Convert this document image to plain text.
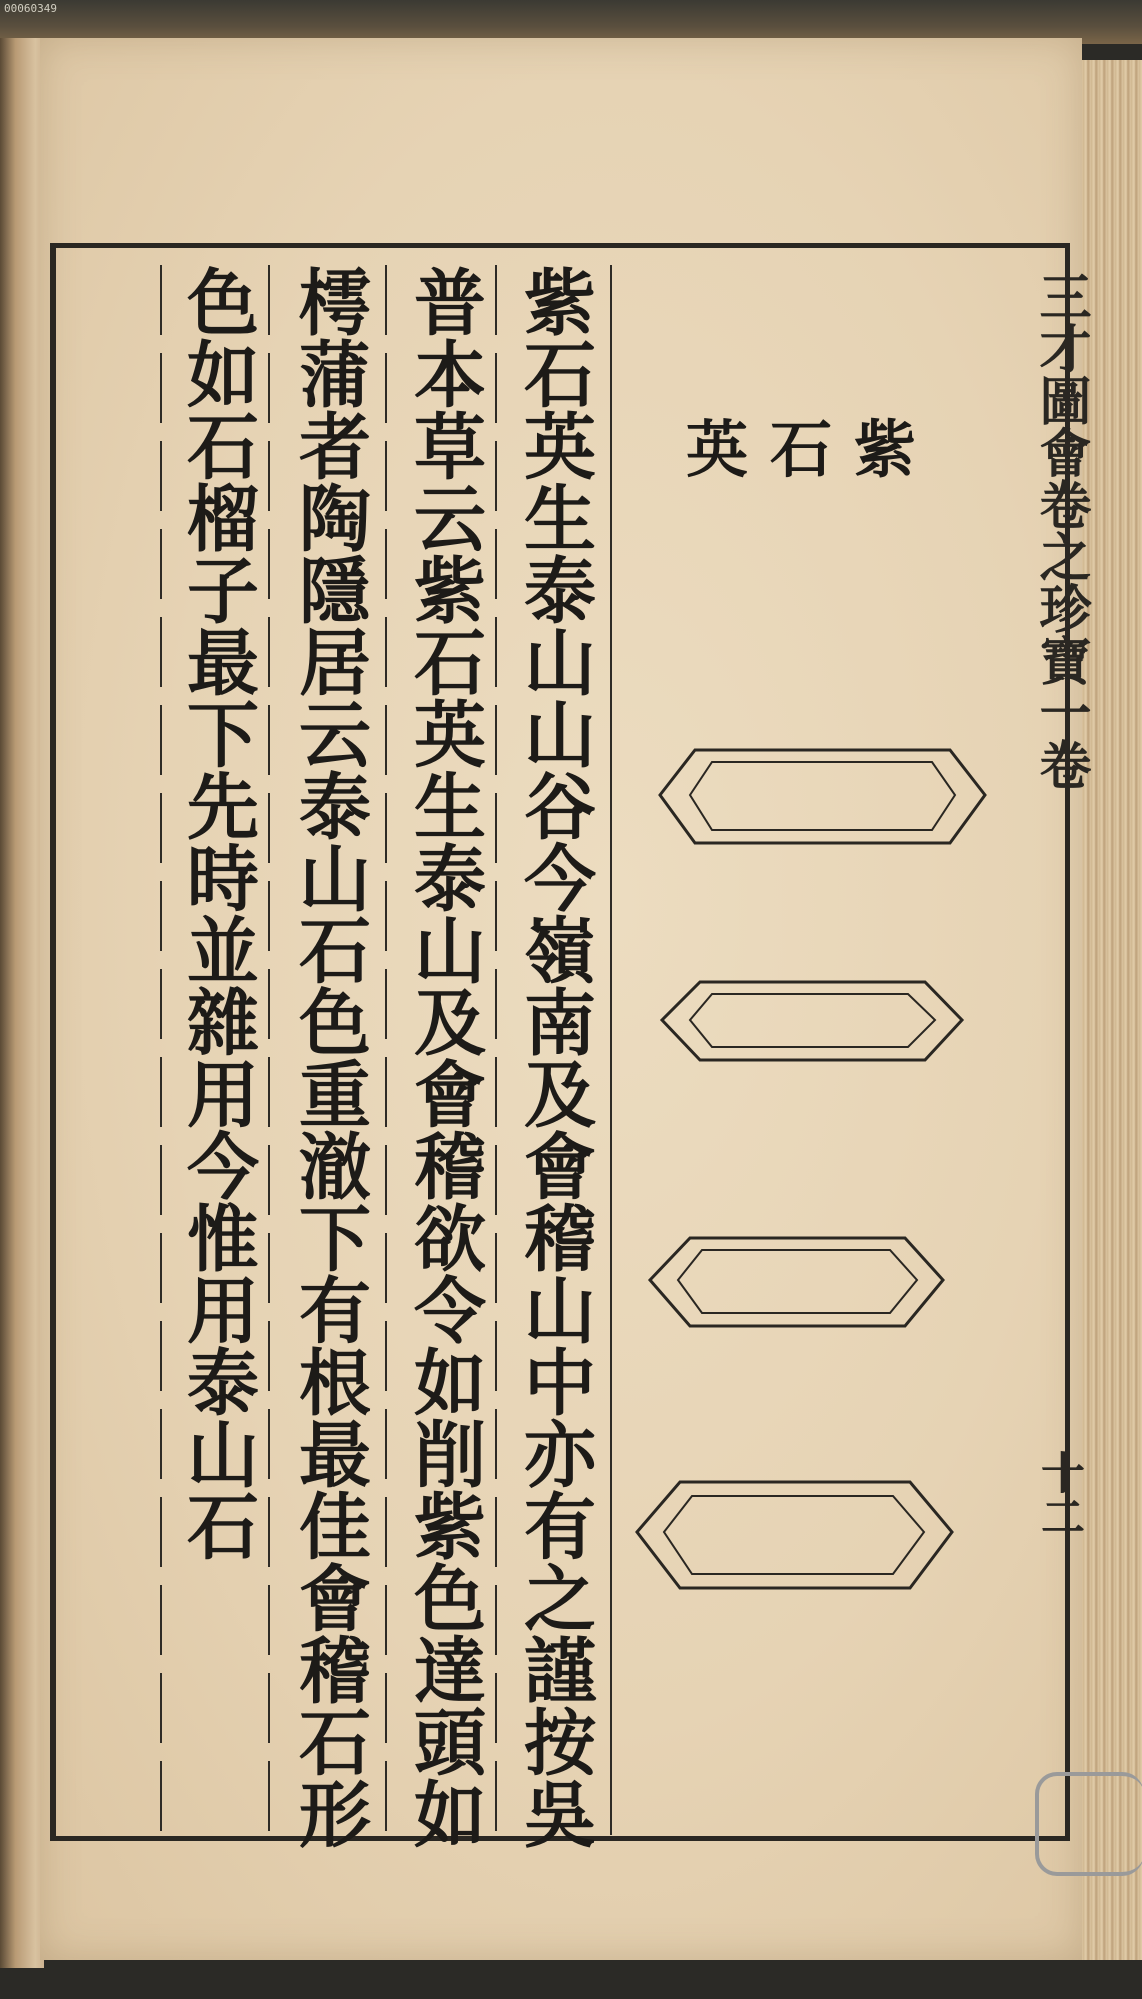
00060349
三才圖會卷之珍寶一卷
十二
紫石英
紫石英生泰山山谷今嶺南及會稽山中亦有之謹按吳
普本草云紫石英生泰山及會稽欲令如削紫色達頭如
樗蒲者陶隱居云泰山石色重澈下有根最佳會稽石形
色如石榴子最下先時並雜用今惟用泰山石
